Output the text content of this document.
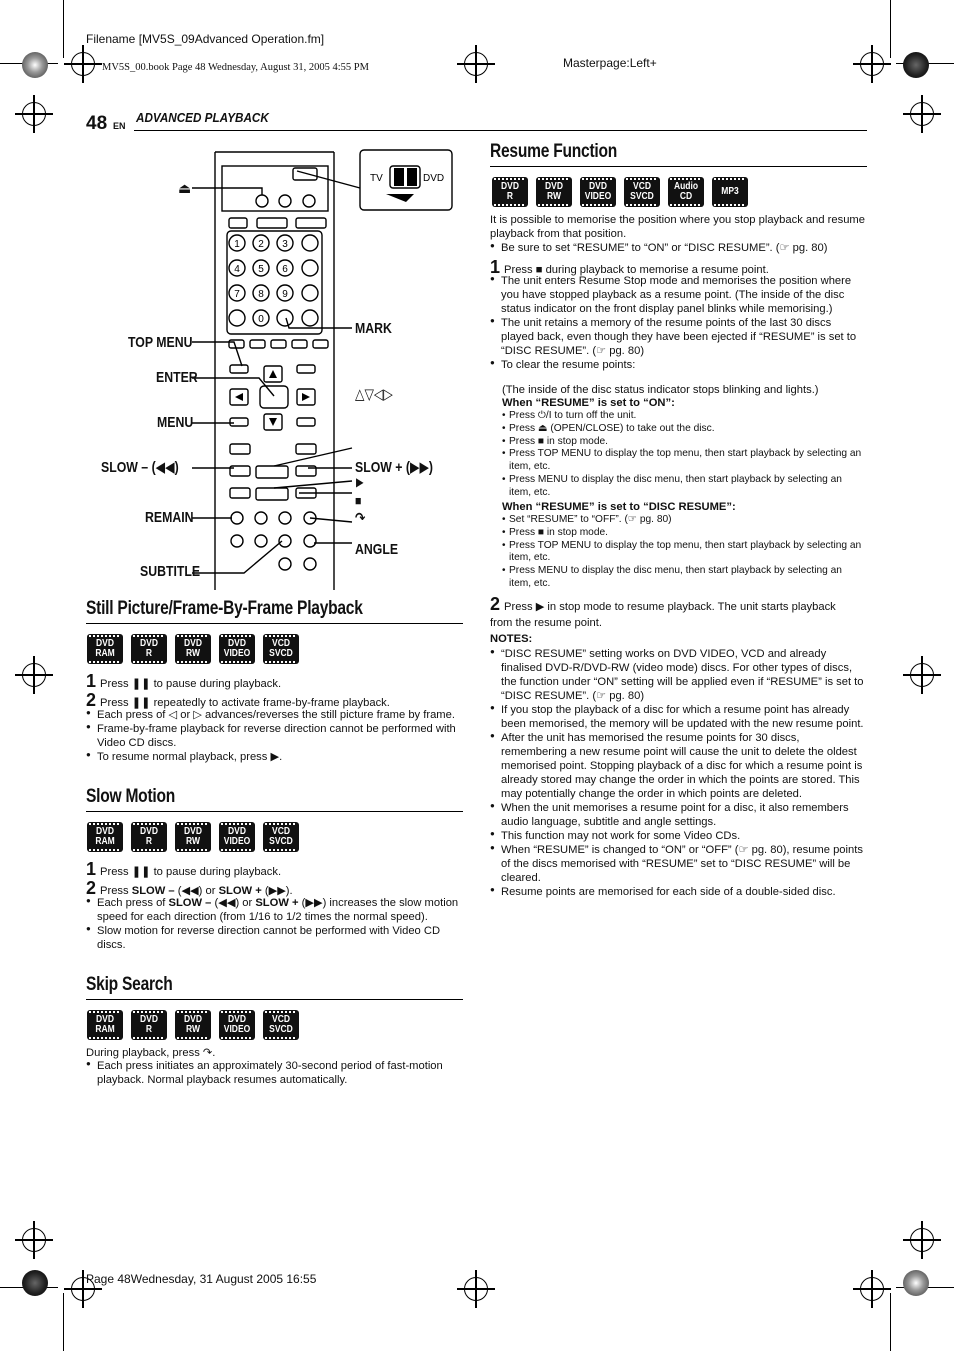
Filename [MV5S_09Advanced Operation.fm]
MV5S_00.book Page 48 Wednesday, August 31, 2005 4:55 PM	Masterpage:Left+
48 EN
ADVANCED PLAYBACK
TV	DVD
1 2 3
4 5 6
7 8 9
0
⏏
TOP MENU
ENTER
MENU
SLOW – (◀◀)
REMAIN
SUBTITLE
MARK
△▽◁▷
SLOW + (▶▶)
▶
■
↷
ANGLE
Still Picture/Frame-By-Frame Playback
DVD
RAM
DVD
R
DVD
RW
DVD
VIDEO
VCD
SVCD
1 Press ❚❚ to pause during playback.
2 Press ❚❚ repeatedly to activate frame-by-frame playback.
● Each press of ◁ or ▷ advances/reverses the still picture frame by frame.
● Frame-by-frame playback for reverse direction cannot be performed with Video CD discs.
● To resume normal playback, press ▶.
Slow Motion
DVD
RAM
DVD
R
DVD
RW
DVD
VIDEO
VCD
SVCD
1 Press ❚❚ to pause during playback.
2 Press SLOW – (◀◀) or SLOW + (▶▶).
● Each press of SLOW – (◀◀) or SLOW + (▶▶) increases the slow motion speed for each direction (from 1/16 to 1/2 times the normal speed).
● Slow motion for reverse direction cannot be performed with Video CD discs.
Skip Search
DVD
RAM
DVD
R
DVD
RW
DVD
VIDEO
VCD
SVCD
During playback, press ↷.
● Each press initiates an approximately 30-second period of fast-motion playback. Normal playback resumes automatically.
Resume Function
DVD
R
DVD
RW
DVD
VIDEO
VCD
SVCD
Audio
CD	MP3
It is possible to memorise the position where you stop playback and resume playback from that position.
● Be sure to set “RESUME” to “ON” or “DISC RESUME”. (☞ pg. 80)
1 Press ■ during playback to memorise a resume point.
● The unit enters Resume Stop mode and memorises the position where you have stopped playback as a resume point. (The inside of the disc status indicator on the front display panel blinks while memorising.)
● The unit retains a memory of the resume points of the last 30 discs played back, even though they have been ejected if “RESUME” is set to “DISC RESUME”. (☞ pg. 80)
● To clear the resume points:
(The inside of the disc status indicator stops blinking and lights.)
When “RESUME” is set to “ON”:
• Press ⏻/I to turn off the unit.
• Press ⏏ (OPEN/CLOSE) to take out the disc.
• Press ■ in stop mode.
• Press TOP MENU to display the top menu, then start playback by selecting an item, etc.
• Press MENU to display the disc menu, then start playback by selecting an item, etc.
When “RESUME” is set to “DISC RESUME”:
• Set “RESUME” to “OFF”. (☞ pg. 80)
• Press ■ in stop mode.
• Press TOP MENU to display the top menu, then start playback by selecting an item, etc.
• Press MENU to display the disc menu, then start playback by selecting an item, etc.
2 Press ▶ in stop mode to resume playback. The unit starts playback from the resume point.
NOTES:
● “DISC RESUME” setting works on DVD VIDEO, VCD and already finalised DVD-R/DVD-RW (video mode) discs. For other types of discs, the function under “ON” setting will be applied even if “RESUME” is set to “DISC RESUME”. (☞ pg. 80)
● If you stop the playback of a disc for which a resume point has already been memorised, the memory will be updated with the new resume point.
● After the unit has memorised the resume points for 30 discs, remembering a new resume point will cause the unit to delete the oldest memorised point. Stopping playback of a disc for which a resume point is already stored may change the order in which the points are stored. This may potentially change the order in which points are deleted.
● When the unit memorises a resume point for a disc, it also remembers audio language, subtitle and angle settings.
● This function may not work for some Video CDs.
● When “RESUME” is changed to “ON” or “OFF” (☞ pg. 80), resume points of the discs memorised with “RESUME” set to “DISC RESUME” will be cleared.
● Resume points are memorised for each side of a double-sided disc.
Page 48Wednesday, 31 August 2005 16:55
